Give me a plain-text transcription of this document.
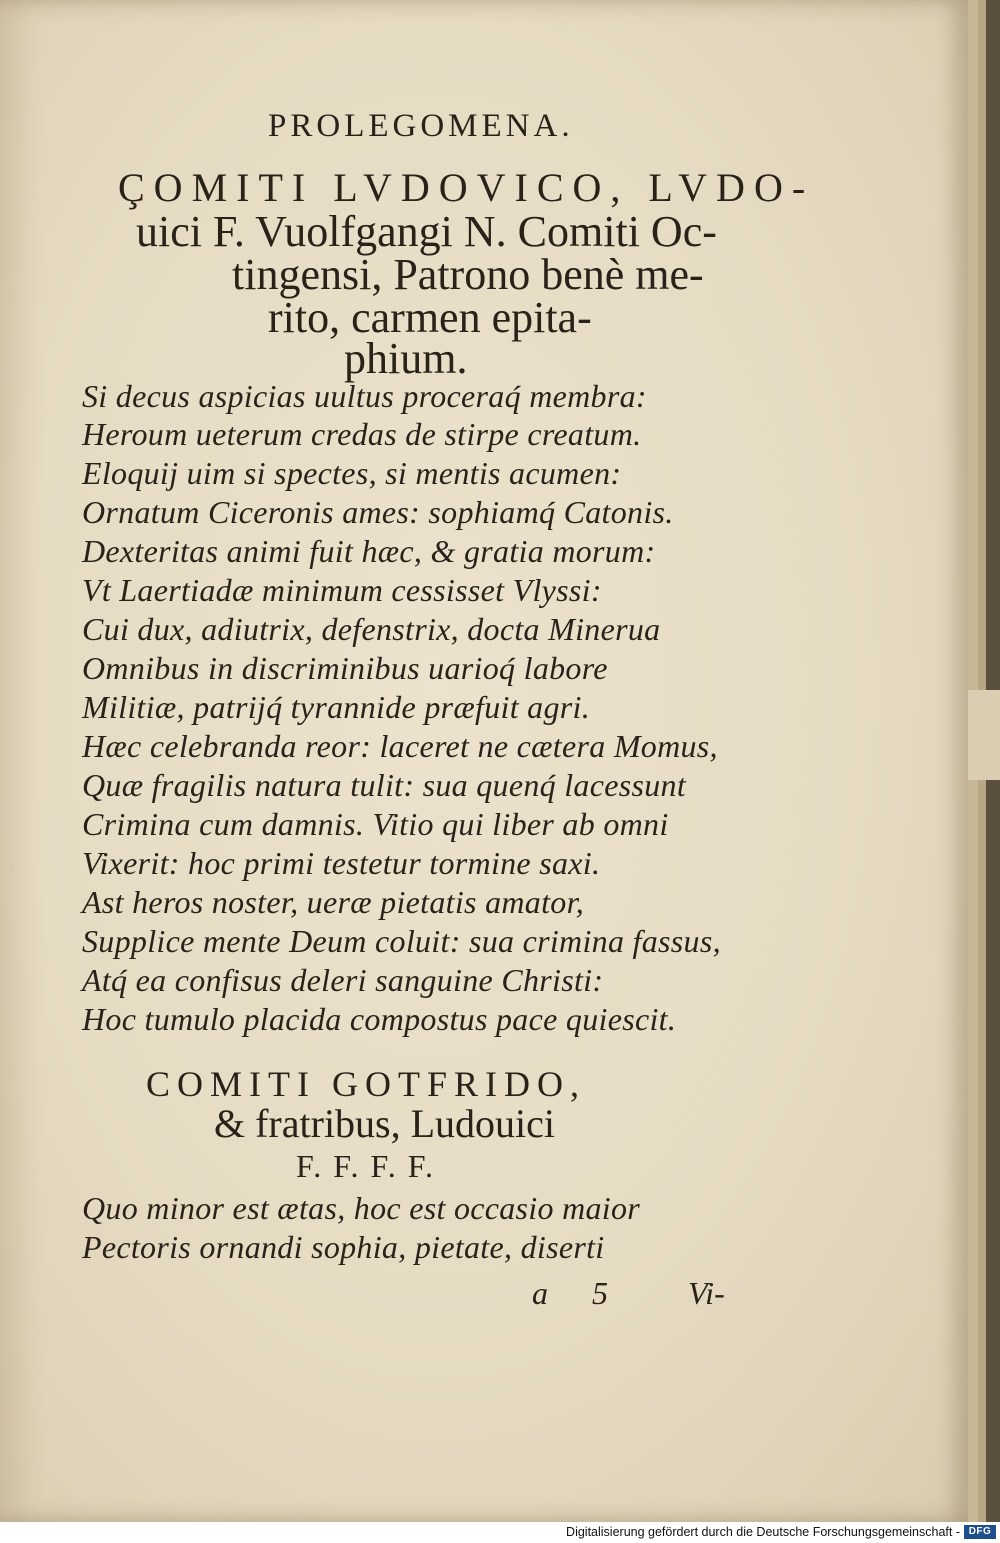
PROLEGOMENA.
ÇOMITI LVDOVICO, LVDO-
uici F. Vuolfgangi N. Comiti Oc-
tingensi, Patrono benè me-
rito, carmen epita-
phium.
Si decus aspicias uultus proceraq́ membra:
Heroum ueterum credas de stirpe creatum.
Eloquij uim si spectes, si mentis acumen:
Ornatum Ciceronis ames: sophiamq́ Catonis.
Dexteritas animi fuit hæc, & gratia morum:
Vt Laertiadæ minimum cessisset Vlyssi:
Cui dux, adiutrix, defenstrix, docta Minerua
Omnibus in discriminibus uarioq́ labore
Militiæ, patrijq́ tyrannide præfuit agri.
Hæc celebranda reor: laceret ne cætera Momus,
Quæ fragilis natura tulit: sua quenq́ lacessunt
Crimina cum damnis. Vitio qui liber ab omni
Vixerit: hoc primi testetur tormine saxi.
Ast heros noster, ueræ pietatis amator,
Supplice mente Deum coluit: sua crimina fassus,
Atq́ ea confisus deleri sanguine Christi:
Hoc tumulo placida compostus pace quiescit.
COMITI GOTFRIDO,
& fratribus, Ludouici
F. F. F. F.
Quo minor est ætas, hoc est occasio maior
Pectoris ornandi sophia, pietate, diserti
a 5 Vi-
Digitalisierung gefördert durch die Deutsche Forschungsgemeinschaft - DFG
